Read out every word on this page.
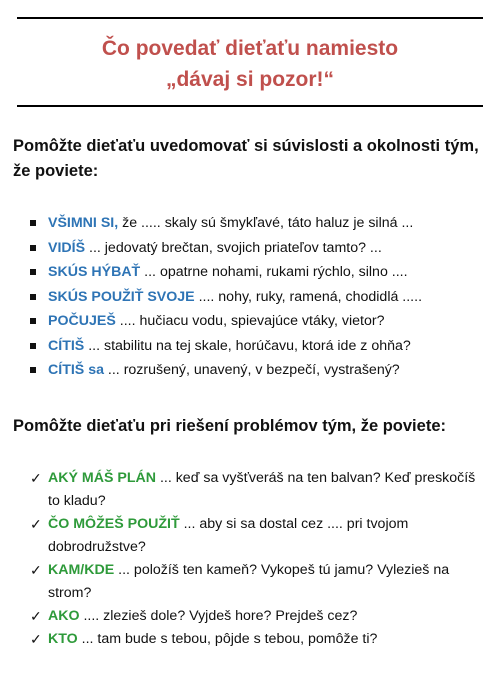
Čo povedať dieťaťu namiesto
„dávaj si pozor!“
Pomôžte dieťaťu uvedomovať si súvislosti a okolnosti tým, že poviete:
VŠIMNI SI, že ..... skaly sú šmykľavé, táto haluz je silná ...
VIDÍŠ ... jedovatý brečtan, svojich priateľov tamto? ...
SKÚS HÝBAŤ ... opatrne nohami, rukami rýchlo, silno ....
SKÚS POUŽIŤ SVOJE .... nohy, ruky, ramená, chodidlá .....
POČUJEŠ .... hučiacu vodu, spievajúce vtáky, vietor?
CÍTIŠ ... stabilitu na tej skale, horúčavu, ktorá ide z ohňa?
CÍTIŠ sa ... rozrušený, unavený, v bezpečí, vystrašený?
Pomôžte dieťaťu pri riešení problémov tým, že poviete:
✓ AKÝ MÁŠ PLÁN ... keď sa vyšťveráš na ten balvan? Keď preskočíš to kladu?
✓ ČO MÔŽEŠ POUŽIŤ ... aby si sa dostal cez .... pri tvojom dobrodružstve?
✓ KAM/KDE ... položíš ten kameň? Vykopeš tú jamu? Vylezieš na strom?
✓ AKO .... zlezieš dole? Vyjdeš hore? Prejdeš cez?
✓ KTO ... tam bude s tebou, pôjde s tebou, pomôže ti?
